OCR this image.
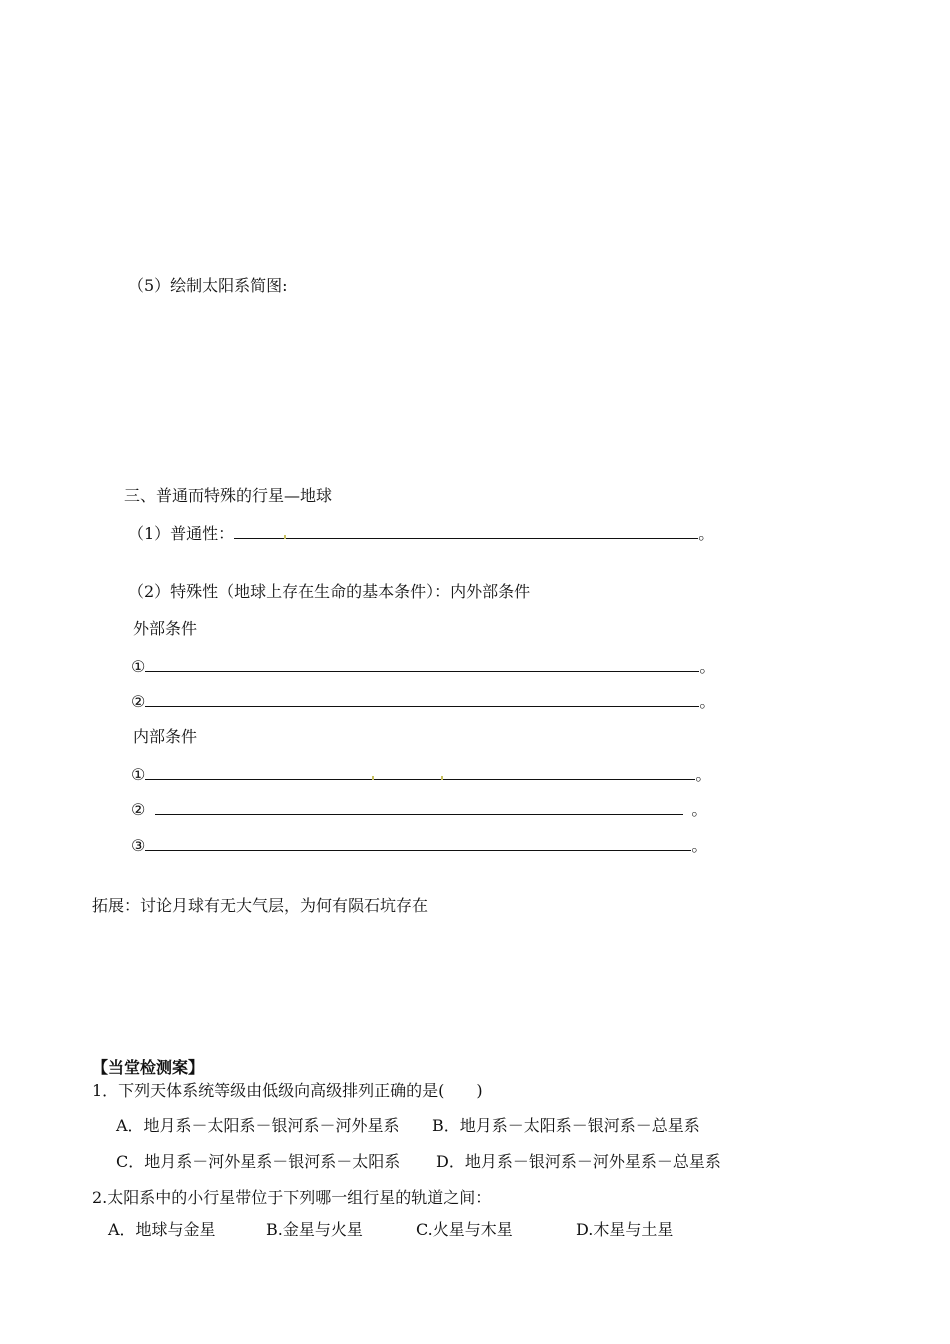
（5）绘制太阳系简图:
三、普通而特殊的行星—地球
（1）普通性：	。
（2）特殊性（地球上存在生命的基本条件）：内外部条件
外部条件
①	。
②	。
内部条件
①	。
②	。
③	。
拓展：讨论月球有无大气层，为何有陨石坑存在
【当堂检测案】
1．下列天体系统等级由低级向高级排列正确的是(　　)
A．地月系－太阳系－银河系－河外星系 B．地月系－太阳系－银河系－总星系
C．地月系－河外星系－银河系－太阳系 D．地月系－银河系－河外星系－总星系
2.太阳系中的小行星带位于下列哪一组行星的轨道之间：
A．地球与金星	B.金星与火星	C.火星与木星	D.木星与土星
